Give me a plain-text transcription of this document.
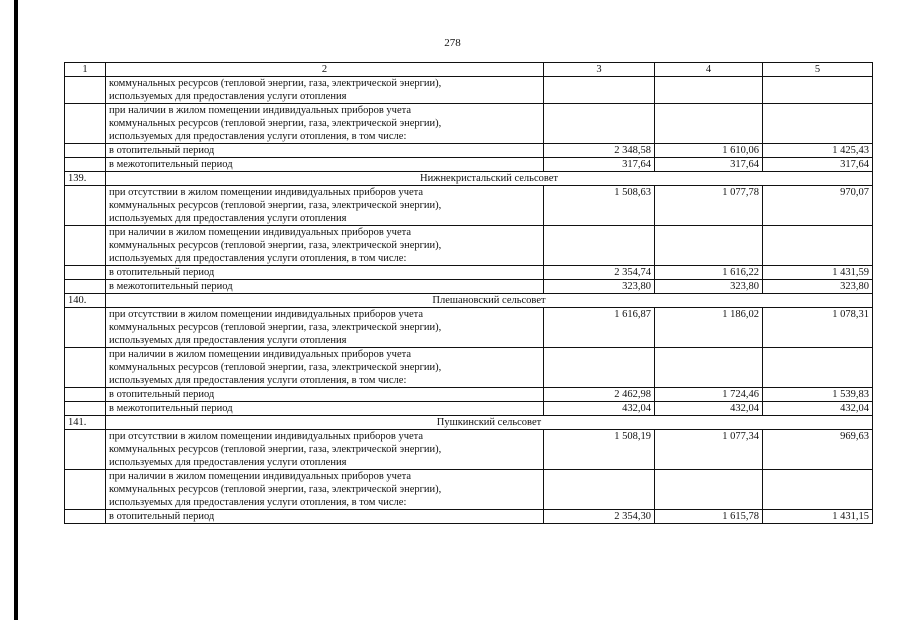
278
1	2	3	4	5

	коммунальных ресурсов (тепловой энергии, газа, электрической энергии),
используемых для предоставления услуги отопления			

	при наличии в жилом помещении индивидуальных приборов учета
коммунальных ресурсов (тепловой энергии, газа, электрической энергии),
используемых для предоставления услуги отопления, в том числе:			

	в отопительный период	2 348,58	1 610,06	1 425,43
	в межотопительный период	317,64	317,64	317,64
139.	Нижнекристальский сельсовет			

	при отсутствии в жилом помещении индивидуальных приборов учета
коммунальных ресурсов (тепловой энергии, газа, электрической энергии),
используемых для предоставления услуги отопления	1 508,63	1 077,78	970,07

	при наличии в жилом помещении индивидуальных приборов учета
коммунальных ресурсов (тепловой энергии, газа, электрической энергии),
используемых для предоставления услуги отопления, в том числе:			

	в отопительный период	2 354,74	1 616,22	1 431,59
	в межотопительный период	323,80	323,80	323,80
140.	Плешановский сельсовет			

	при отсутствии в жилом помещении индивидуальных приборов учета
коммунальных ресурсов (тепловой энергии, газа, электрической энергии),
используемых для предоставления услуги отопления	1 616,87	1 186,02	1 078,31

	при наличии в жилом помещении индивидуальных приборов учета
коммунальных ресурсов (тепловой энергии, газа, электрической энергии),
используемых для предоставления услуги отопления, в том числе:			

	в отопительный период	2 462,98	1 724,46	1 539,83
	в межотопительный период	432,04	432,04	432,04
141.	Пушкинский сельсовет			

	при отсутствии в жилом помещении индивидуальных приборов учета
коммунальных ресурсов (тепловой энергии, газа, электрической энергии),
используемых для предоставления услуги отопления	1 508,19	1 077,34	969,63

	при наличии в жилом помещении индивидуальных приборов учета
коммунальных ресурсов (тепловой энергии, газа, электрической энергии),
используемых для предоставления услуги отопления, в том числе:			

	в отопительный период	2 354,30	1 615,78	1 431,15
